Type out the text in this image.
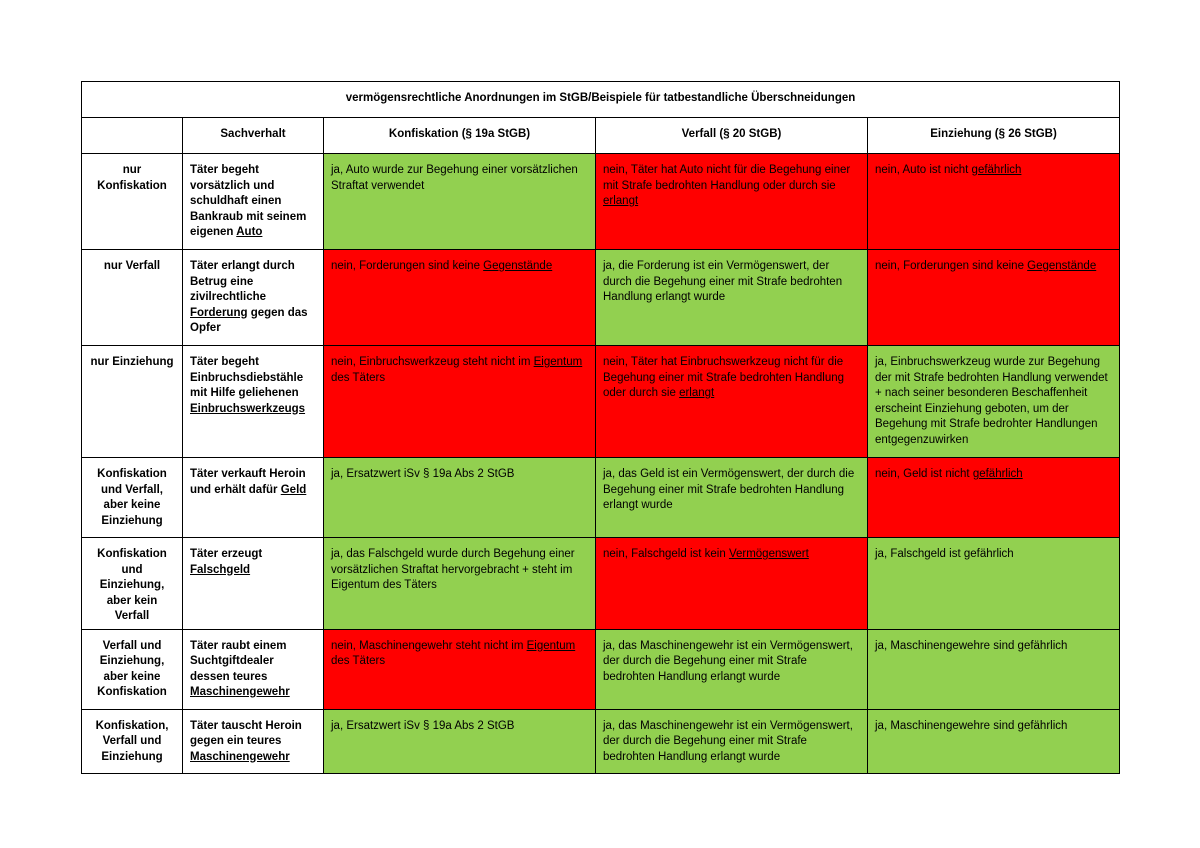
vermögensrechtliche Anordnungen im StGB/Beispiele für tatbestandliche Überschneidungen				
	Sachverhalt	Konfiskation (§ 19a StGB)	Verfall (§ 20 StGB)	Einziehung (§ 26 StGB)
nur Konfiskation	Täter begeht vorsätzlich und schuldhaft einen Bankraub mit seinem eigenen Auto	ja, Auto wurde zur Begehung einer vorsätzlichen Straftat verwendet	nein, Täter hat Auto nicht für die Begehung einer mit Strafe bedrohten Handlung oder durch sie erlangt	nein, Auto ist nicht gefährlich
nur Verfall	Täter erlangt durch Betrug eine zivilrechtliche Forderung gegen das Opfer	nein, Forderungen sind keine Gegenstände	ja, die Forderung ist ein Vermögenswert, der durch die Begehung einer mit Strafe bedrohten Handlung erlangt wurde	nein, Forderungen sind keine Gegenstände
nur Einziehung	Täter begeht Einbruchsdiebstähle mit Hilfe geliehenen Einbruchswerkzeugs	nein, Einbruchswerkzeug steht nicht im Eigentum des Täters	nein, Täter hat Einbruchswerkzeug nicht für die Begehung einer mit Strafe bedrohten Handlung oder durch sie erlangt	ja, Einbruchswerkzeug wurde zur Begehung der mit Strafe bedrohten Handlung verwendet + nach seiner besonderen Beschaffenheit erscheint Einziehung geboten, um der Begehung mit Strafe bedrohter Handlungen entgegenzuwirken
Konfiskation und Verfall, aber keine Einziehung	Täter verkauft Heroin und erhält dafür Geld	ja, Ersatzwert iSv § 19a Abs 2 StGB	ja, das Geld ist ein Vermögenswert, der durch die Begehung einer mit Strafe bedrohten Handlung erlangt wurde	nein, Geld ist nicht gefährlich
Konfiskation und Einziehung, aber kein Verfall	Täter erzeugt Falschgeld	ja, das Falschgeld wurde durch Begehung einer vorsätzlichen Straftat hervorgebracht + steht im Eigentum des Täters	nein, Falschgeld ist kein Vermögenswert	ja, Falschgeld ist gefährlich
Verfall und Einziehung, aber keine Konfiskation	Täter raubt einem Suchtgiftdealer dessen teures Maschinengewehr	nein, Maschinengewehr steht nicht im Eigentum des Täters	ja, das Maschinengewehr ist ein Vermögenswert, der durch die Begehung einer mit Strafe bedrohten Handlung erlangt wurde	ja, Maschinengewehre sind gefährlich
Konfiskation, Verfall und Einziehung	Täter tauscht Heroin gegen ein teures Maschinengewehr	ja, Ersatzwert iSv § 19a Abs 2 StGB	ja, das Maschinengewehr ist ein Vermögenswert, der durch die Begehung einer mit Strafe bedrohten Handlung erlangt wurde	ja, Maschinengewehre sind gefährlich
